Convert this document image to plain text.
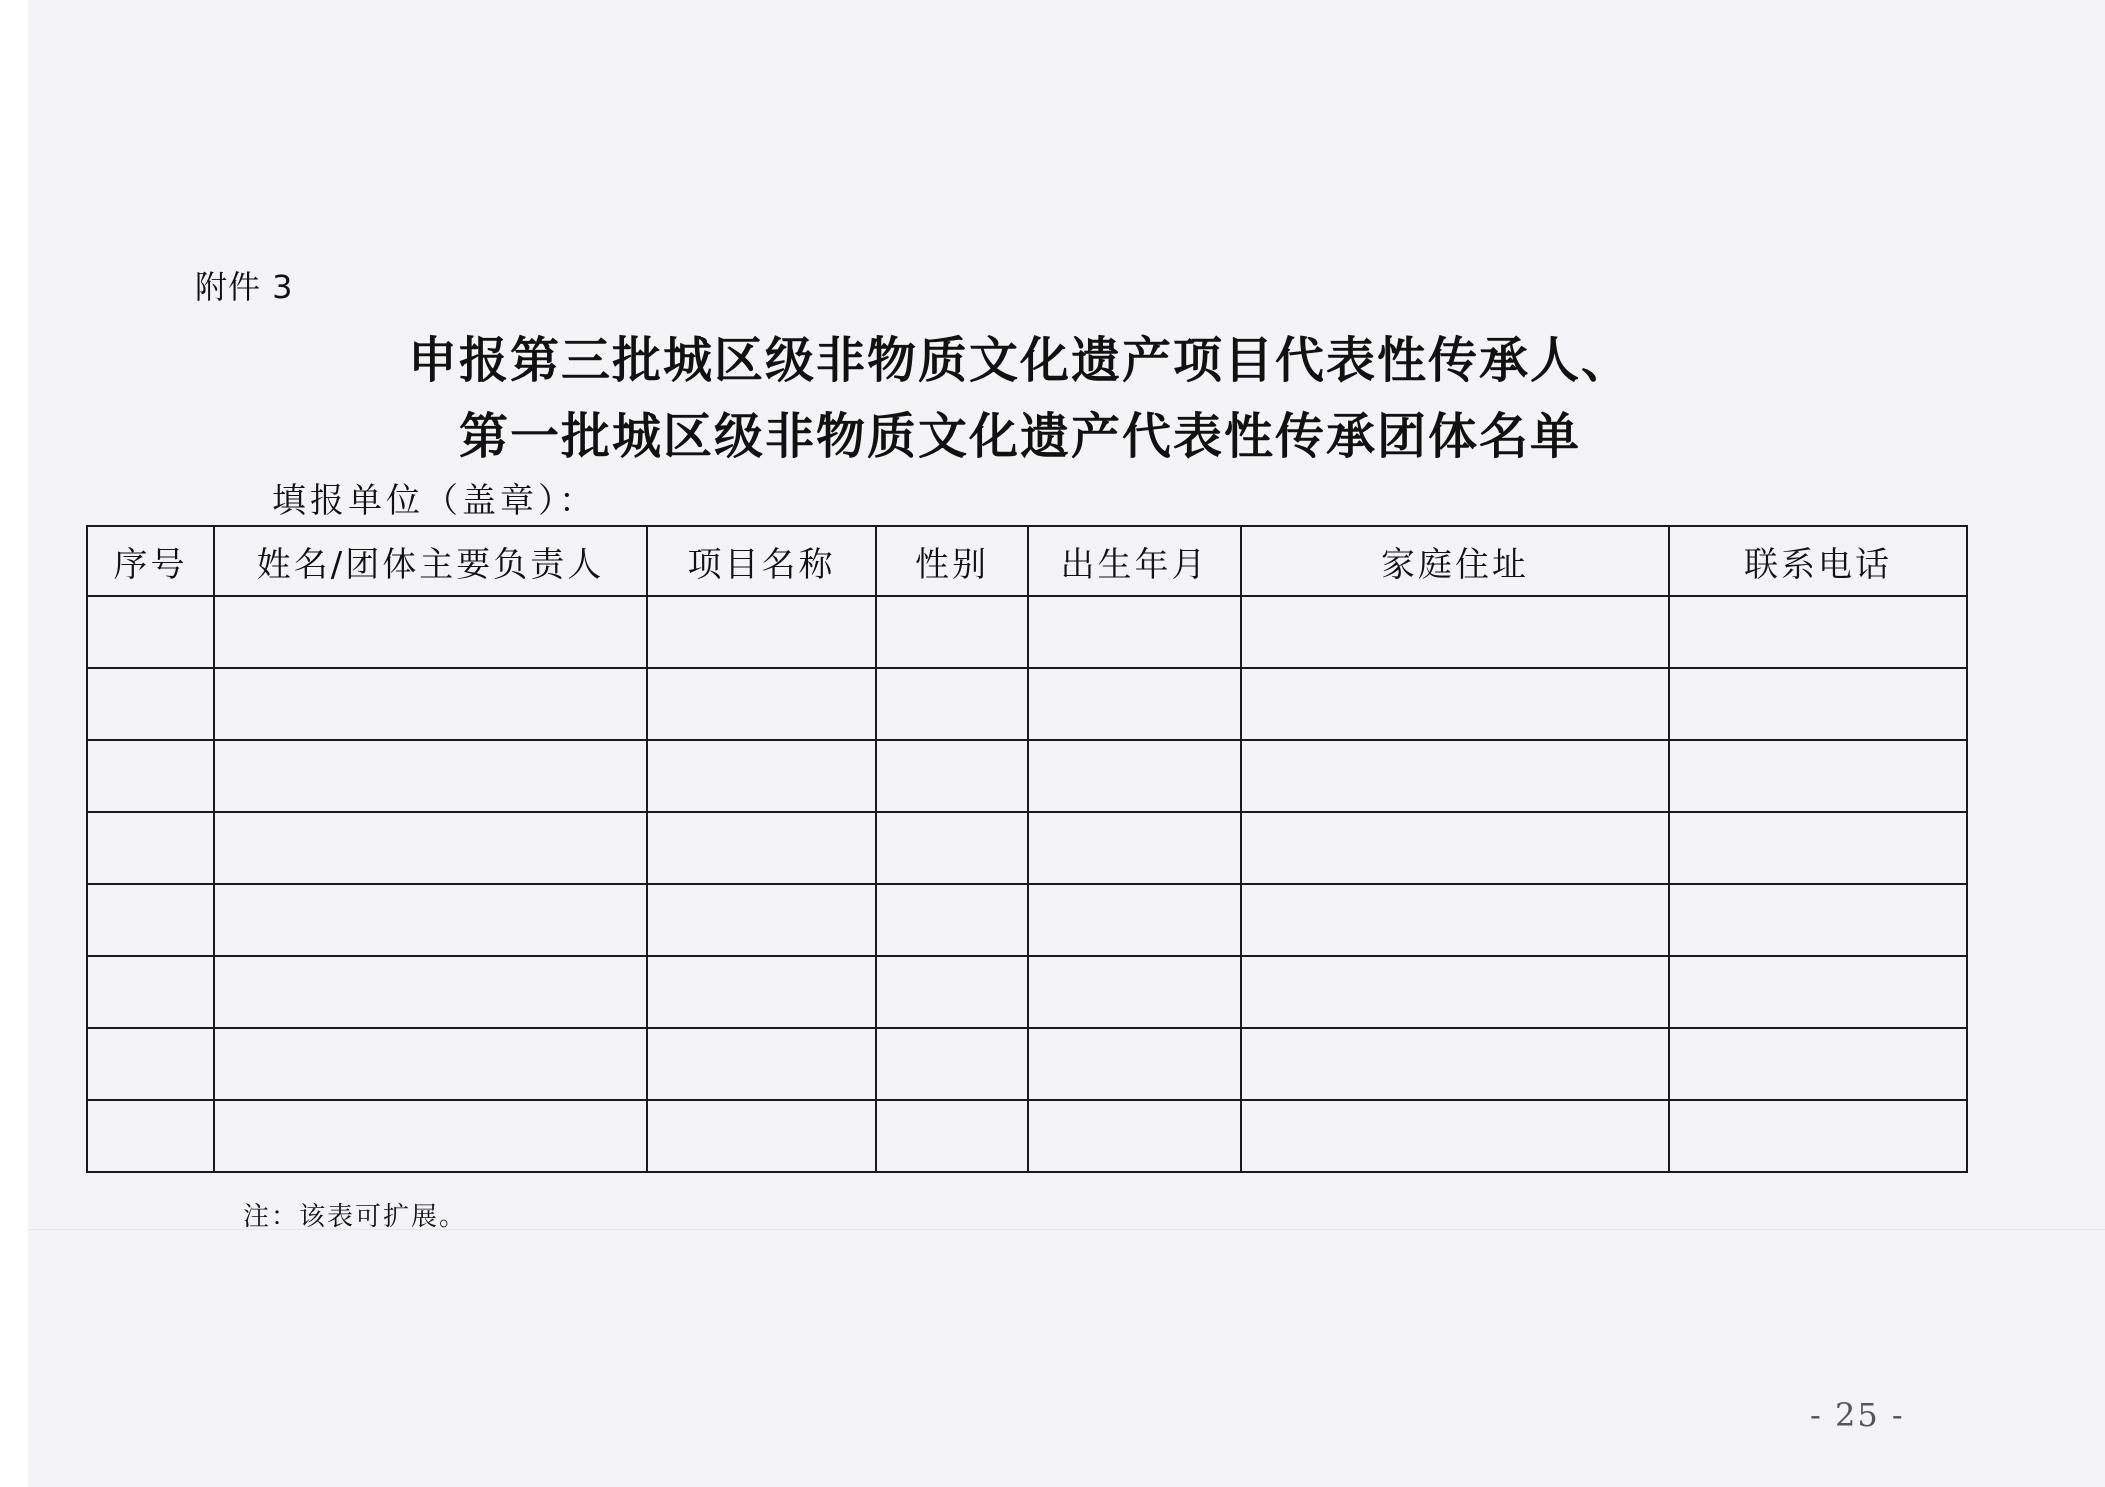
附件 3
申报第三批城区级非物质文化遗产项目代表性传承人、
第一批城区级非物质文化遗产代表性传承团体名单
填报单位（盖章）：
序号	姓名/团体主要负责人	项目名称	性别	出生年月	家庭住址	联系电话

注：该表可扩展。
- 25 -
